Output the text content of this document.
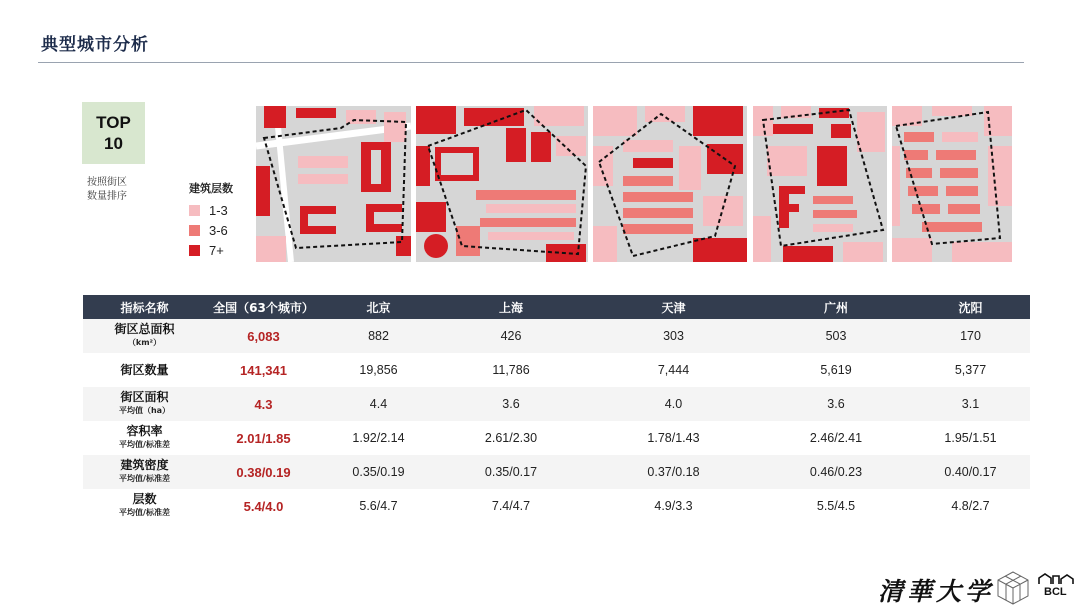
典型城市分析
TOP
10
按照街区
数量排序
建筑层数
1-3
3-6
7+
指标名称	全国（63个城市）	北京	上海	天津	广州	沈阳

街区总面积
（km²）	6,083	882	426	303	503	170

街区数量	141,341	19,856	11,786	7,444	5,619	5,377

街区面积
平均值（ha）	4.3	4.4	3.6	4.0	3.6	3.1

容积率
平均值/标准差	2.01/1.85	1.92/2.14	2.61/2.30	1.78/1.43	2.46/2.41	1.95/1.51

建筑密度
平均值/标准差	0.38/0.19	0.35/0.19	0.35/0.17	0.37/0.18	0.46/0.23	0.40/0.17

层数
平均值/标准差	5.4/4.0	5.6/4.7	7.4/4.7	4.9/3.3	5.5/4.5	4.8/2.7
清華大学	BCL
